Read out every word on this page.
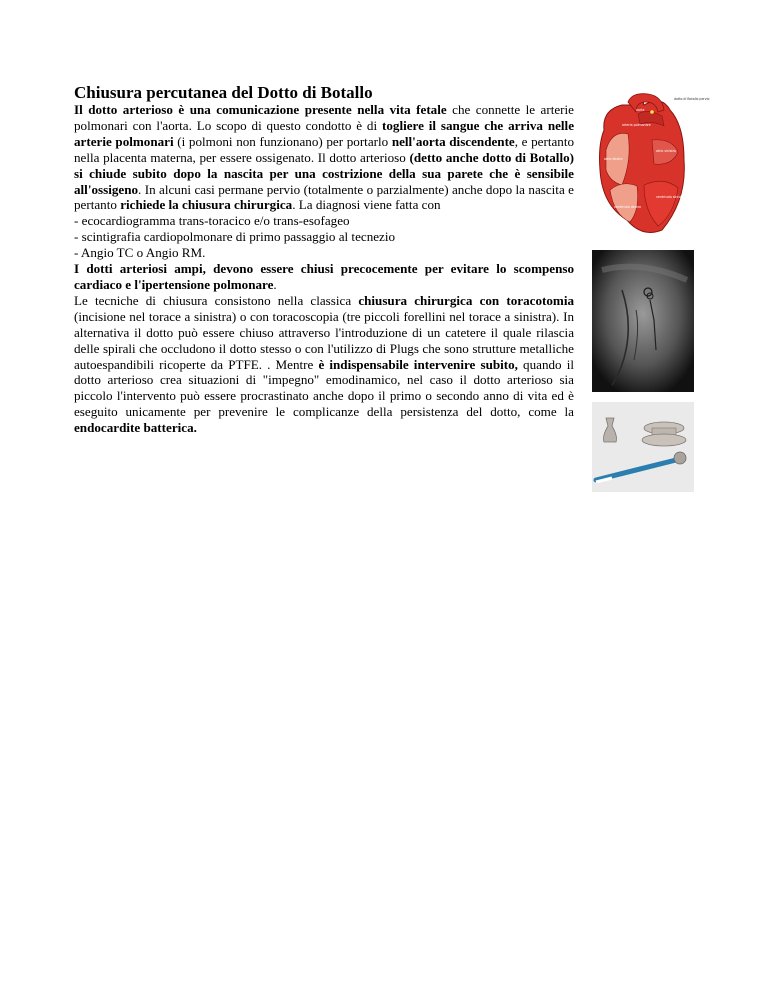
Chiusura percutanea del Dotto di Botallo

Il dotto arterioso è una comunicazione presente nella vita fetale che connette le arterie polmonari con l'aorta. Lo scopo di questo condotto è di togliere il sangue che arriva nelle arterie polmonari (i polmoni non funzionano) per portarlo nell'aorta discendente, e pertanto nella placenta materna, per essere ossigenato. Il dotto arterioso (detto anche dotto di Botallo) si chiude subito dopo la nascita per una costrizione della sua parete che è sensibile all'ossigeno. In alcuni casi permane pervio (totalmente o parzialmente) anche dopo la nascita e pertanto richiede la chiusura chirurgica. La diagnosi viene fatta con

- ecocardiogramma trans-toracico e/o trans-esofageo

- scintigrafia cardiopolmonare di primo passaggio al tecnezio

- Angio TC o Angio RM.

I dotti arteriosi ampi, devono essere chiusi precocemente per evitare lo scompenso cardiaco e l'ipertensione polmonare.

Le tecniche di chiusura consistono nella classica chiusura chirurgica con toracotomia (incisione nel torace a sinistra) o con toracoscopia (tre piccoli forellini nel torace a sinistra). In alternativa il dotto può essere chiuso attraverso l'introduzione di un catetere il quale rilascia delle spirali che occludono il dotto stesso o con l'utilizzo di Plugs che sono strutture metalliche autoespandibili ricoperte da PTFE. . Mentre è indispensabile intervenire subito, quando il dotto arterioso crea situazioni di "impegno" emodinamico, nel caso il dotto arterioso sia piccolo l'intervento può essere procrastinato anche dopo il primo o secondo anno di vita ed è eseguito unicamente per prevenire le complicanze della persistenza del dotto, come la endocardite batterica.

dotto di Botallo pervio
aorta
arteria polmonare
atrio sinistro
atrio destro
ventricolo sinistro
ventricolo destro
